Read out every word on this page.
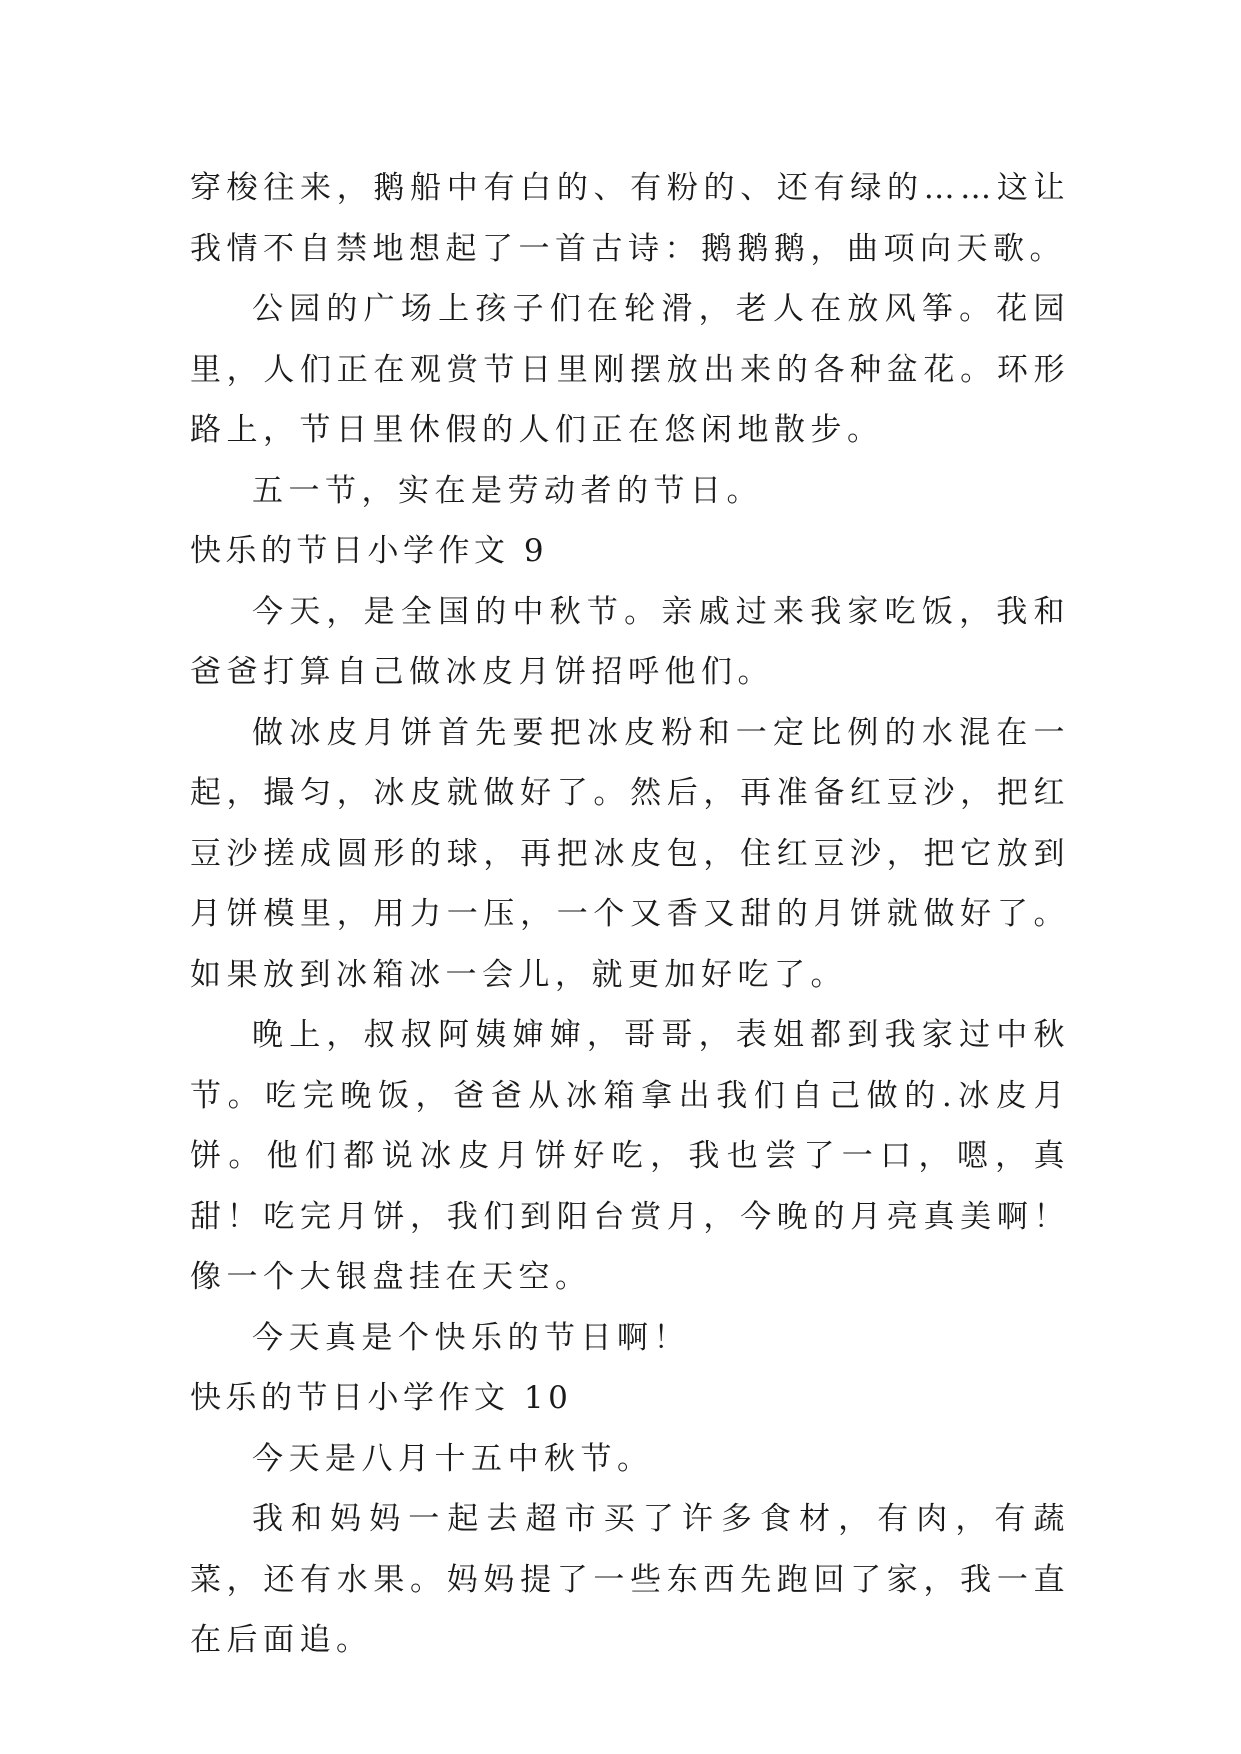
穿梭往来，鹅船中有白的、有粉的、还有绿的……这让我情不自禁地想起了一首古诗：鹅鹅鹅，曲项向天歌。

公园的广场上孩子们在轮滑，老人在放风筝。花园里，人们正在观赏节日里刚摆放出来的各种盆花。环形路上，节日里休假的人们正在悠闲地散步。

五一节，实在是劳动者的节日。

快乐的节日小学作文 9

今天，是全国的中秋节。亲戚过来我家吃饭，我和爸爸打算自己做冰皮月饼招呼他们。

做冰皮月饼首先要把冰皮粉和一定比例的水混在一起，撮匀，冰皮就做好了。然后，再准备红豆沙，把红豆沙搓成圆形的球，再把冰皮包，住红豆沙，把它放到月饼模里，用力一压，一个又香又甜的月饼就做好了。如果放到冰箱冰一会儿，就更加好吃了。

晚上，叔叔阿姨婶婶，哥哥，表姐都到我家过中秋节。吃完晚饭，爸爸从冰箱拿出我们自己做的.冰皮月饼。他们都说冰皮月饼好吃，我也尝了一口，嗯，真甜！吃完月饼，我们到阳台赏月，今晚的月亮真美啊！像一个大银盘挂在天空。

今天真是个快乐的节日啊！

快乐的节日小学作文 10

今天是八月十五中秋节。

我和妈妈一起去超市买了许多食材，有肉，有蔬菜，还有水果。妈妈提了一些东西先跑回了家，我一直在后面追。
